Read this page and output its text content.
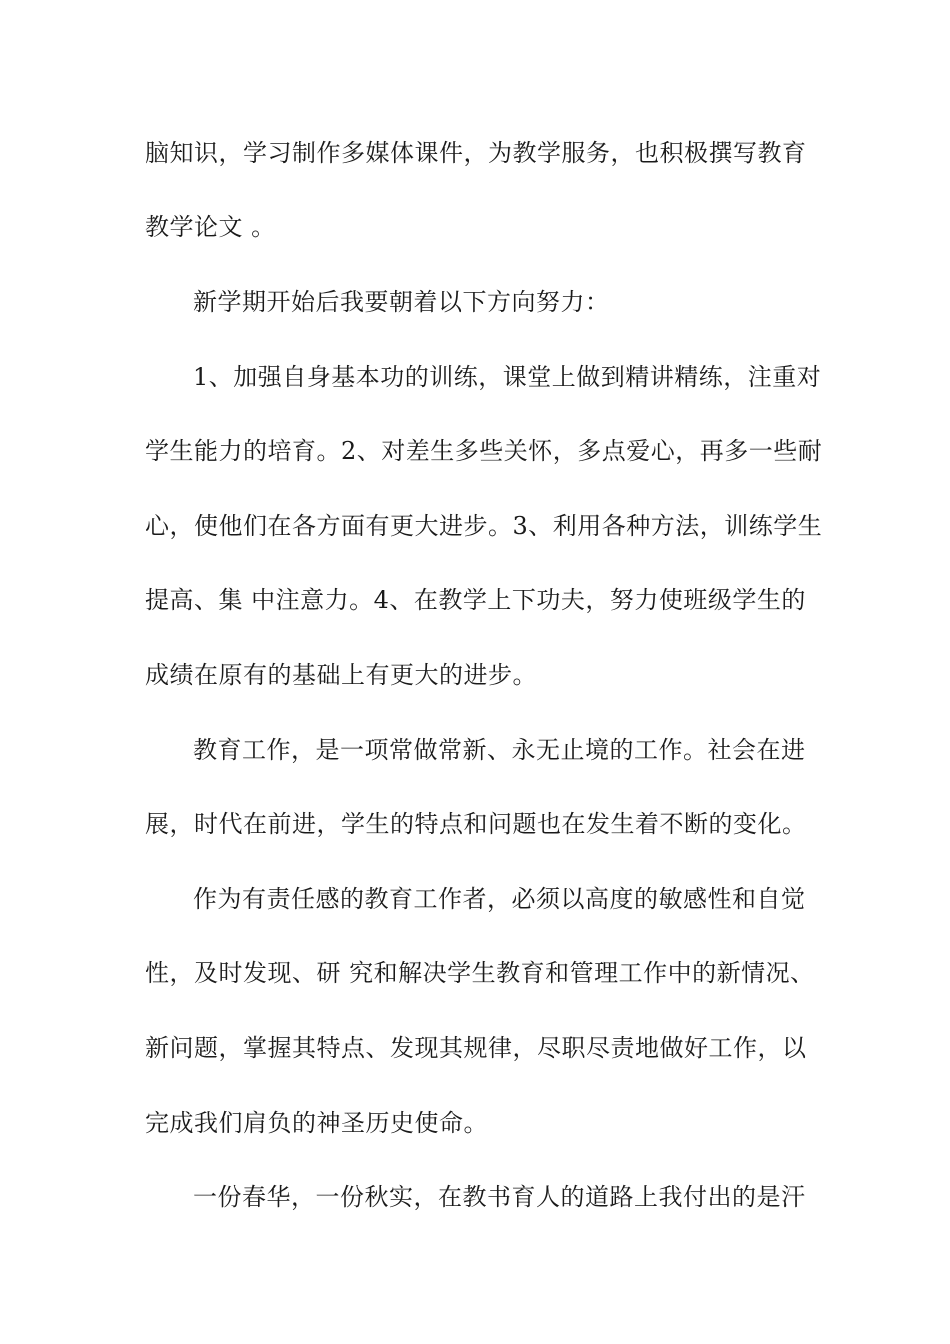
脑知识，学习制作多媒体课件，为教学服务，也积极撰写教育

教学论文 。

新学期开始后我要朝着以下方向努力：

1、加强自身基本功的训练，课堂上做到精讲精练，注重对

学生能力的培育。2、对差生多些关怀，多点爱心，再多一些耐

心，使他们在各方面有更大进步。3、利用各种方法，训练学生

提高、集 中注意力。4、在教学上下功夫，努力使班级学生的

成绩在原有的基础上有更大的进步。

教育工作，是一项常做常新、永无止境的工作。社会在进

展，时代在前进，学生的特点和问题也在发生着不断的变化。

作为有责任感的教育工作者，必须以高度的敏感性和自觉

性，及时发现、研 究和解决学生教育和管理工作中的新情况、

新问题，掌握其特点、发现其规律，尽职尽责地做好工作，以

完成我们肩负的神圣历史使命。

一份春华，一份秋实，在教书育人的道路上我付出的是汗
